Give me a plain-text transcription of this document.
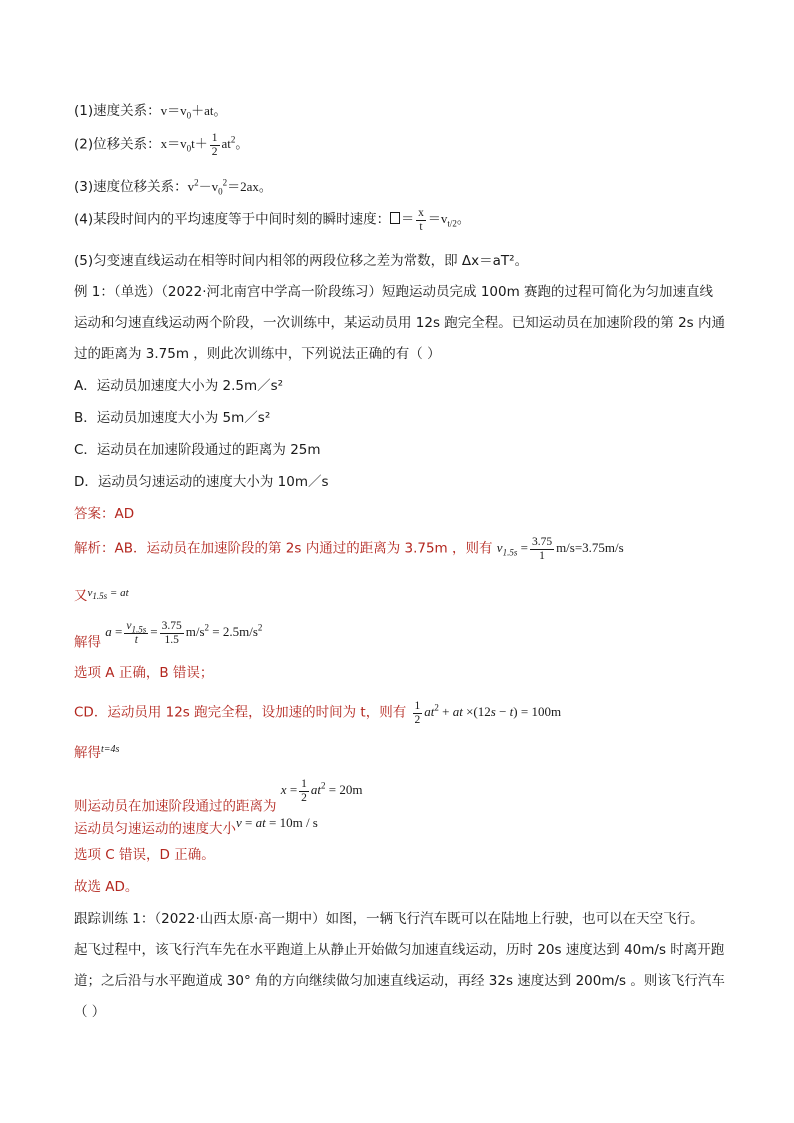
(1)速度关系：$v=v_0+at$。
(2)位移关系：$x=v_0t+ \frac{1}{2} at^2$。
(3)速度位移关系：$v^2-v_0^2=2ax$。
(4)某段时间内的平均速度等于中间时刻的瞬时速度： ＝ $\frac{x}{t} =v_{t/2}$。
(5)匀变速直线运动在相等时间内相邻的两段位移之差为常数，即 Δx＝aT²。
例 1：（单选）（2022·河北南宫中学高一阶段练习）短跑运动员完成 100m 赛跑的过程可简化为匀加速直线
运动和匀速直线运动两个阶段，一次训练中，某运动员用 12s 跑完全程。已知运动员在加速阶段的第 2s 内通
过的距离为 3.75m ，则此次训练中，下列说法正确的有（ ）
A．运动员加速度大小为 2.5m／s²
B．运动员加速度大小为 5m／s²
C．运动员在加速阶段通过的距离为 25m
D．运动员匀速运动的速度大小为 10m／s
答案：AD
解析：AB．运动员在加速阶段的第 2s 内通过的距离为 3.75m ，则有 $v_{1.5s} = \frac{3.75}{1} m/s=3.75m/s$
又$^{v_{1.5s} = at}$
解得 $a = \frac{v_{1.5s}}{t} = \frac{3.75}{1.5} m/s^2 = 2.5m/s^2$
选项 A 正确，B 错误；
CD．运动员用 12s 跑完全程，设加速的时间为 t，则有 $\frac{1}{2} at^2$ + at ×(12s − t) = 100m
解得$^{t=4s}$
则运动员在加速阶段通过的距离为 $x = \frac{1}{2} at^2 = 20m$
运动员匀速运动的速度大小v = at = 10m / s
选项 C 错误，D 正确。
故选 AD。
跟踪训练 1：（2022·山西太原·高一期中）如图，一辆飞行汽车既可以在陆地上行驶，也可以在天空飞行。
起飞过程中，该飞行汽车先在水平跑道上从静止开始做匀加速直线运动，历时 20s 速度达到 40m/s 时离开跑
道；之后沿与水平跑道成 30° 角的方向继续做匀加速直线运动，再经 32s 速度达到 200m/s 。则该飞行汽车
（ ）
